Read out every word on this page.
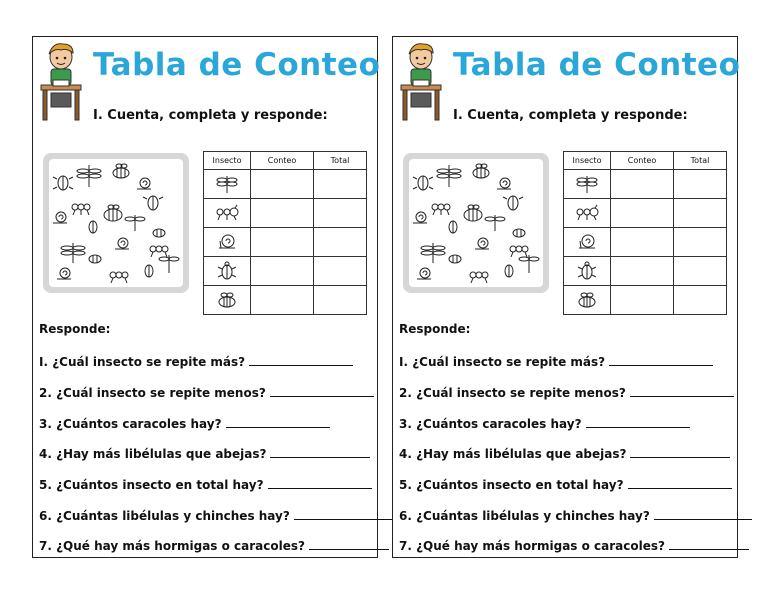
Tabla de Conteo
I. Cuenta, completa y responde:
Insecto	Conteo	Total

Responde:
I. ¿Cuál insecto se repite más?
2. ¿Cuál insecto se repite menos?
3. ¿Cuántos caracoles hay?
4. ¿Hay más libélulas que abejas?
5. ¿Cuántos insecto en total hay?
6. ¿Cuántas libélulas y chinches hay?
7. ¿Qué hay más hormigas o caracoles?
Tabla de Conteo
I. Cuenta, completa y responde:
Insecto	Conteo	Total

Responde:
I. ¿Cuál insecto se repite más?
2. ¿Cuál insecto se repite menos?
3. ¿Cuántos caracoles hay?
4. ¿Hay más libélulas que abejas?
5. ¿Cuántos insecto en total hay?
6. ¿Cuántas libélulas y chinches hay?
7. ¿Qué hay más hormigas o caracoles?
